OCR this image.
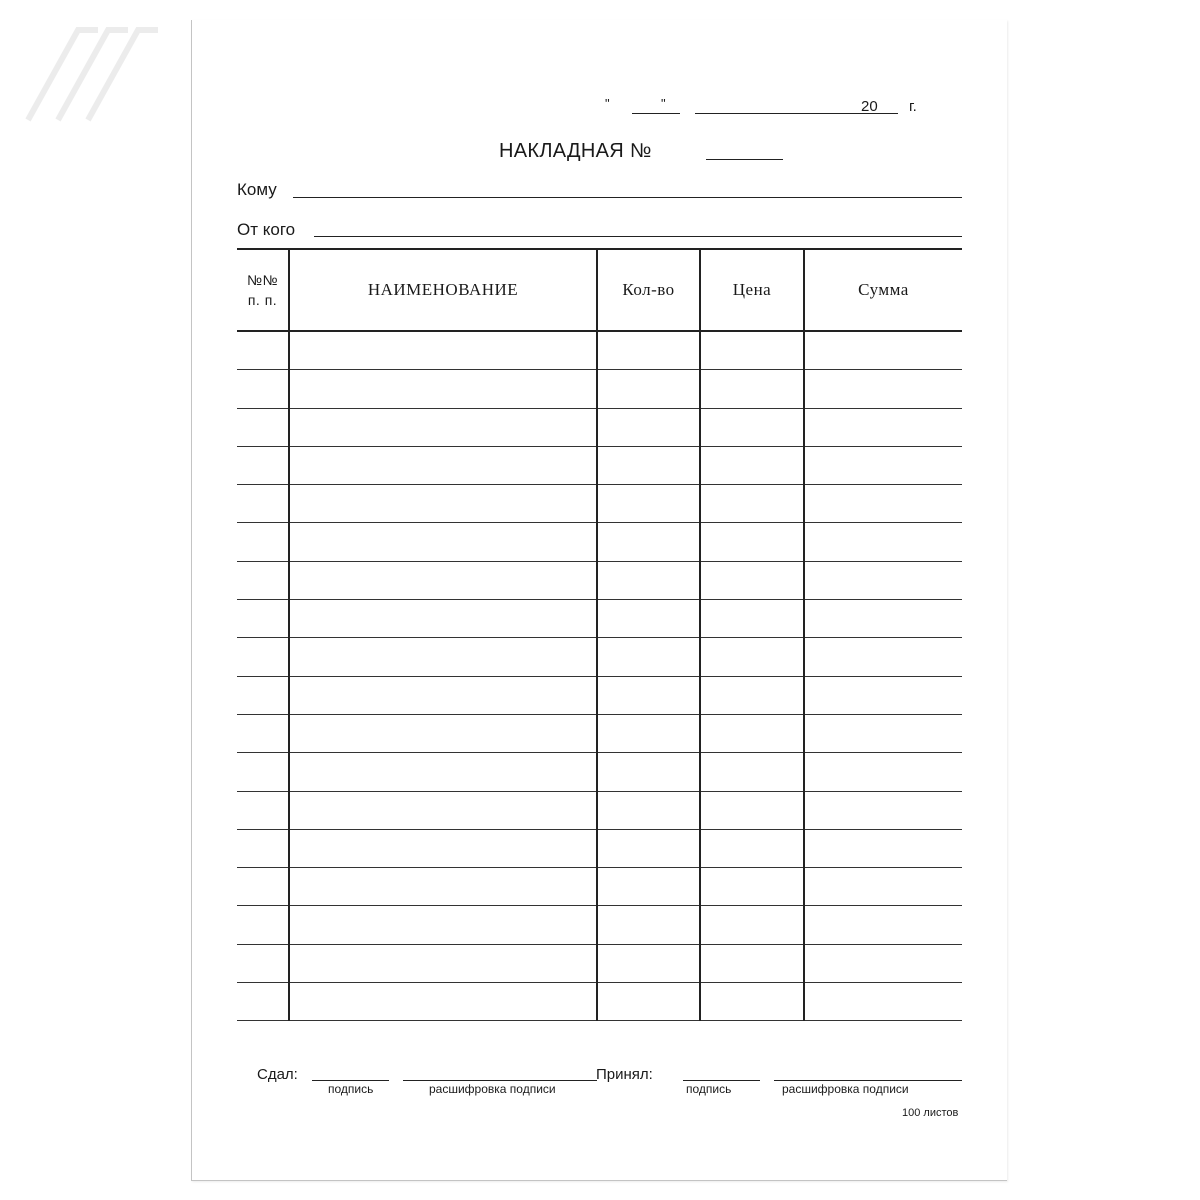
"	"	20 г.
НАКЛАДНАЯ №
Кому
От кого
№№
п. п.	НАИМЕНОВАНИЕ	Кол-во	Цена	Сумма

Сдал:
подпись	расшифровка подписи
Принял:
подпись	расшифровка подписи
100 листов
